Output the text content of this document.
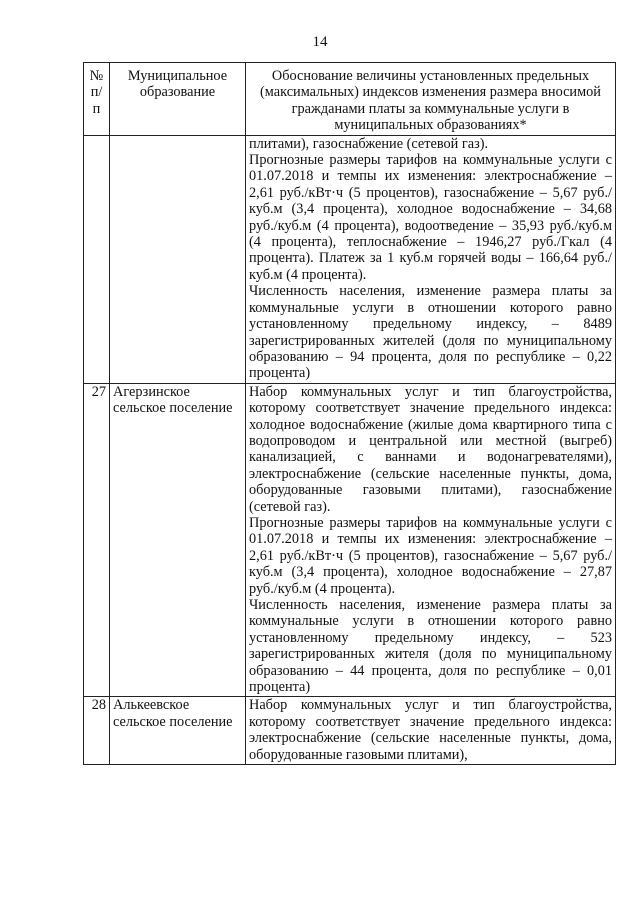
14
№ п/п	Муниципальное образование	Обоснование величины установленных предельных (максимальных) индексов изменения размера вносимой гражданами платы за коммунальные услуги в муниципальных образованиях*

		плитами), газоснабжение (сетевой газ).

Прогнозные размеры тарифов на коммунальные услуги с 01.07.2018 и темпы их изменения: электроснабжение – 2,61 руб./кВт·ч (5 процентов), газоснабжение – 5,67 руб./куб.м (3,4 процента), холодное водоснабжение – 34,68 руб./куб.м (4 процента), водоотведение – 35,93 руб./куб.м (4 процента), теплоснабжение – 1946,27 руб./Гкал (4 процента). Платеж за 1 куб.м горячей воды – 166,64 руб./куб.м (4 процента).

Численность населения, изменение размера платы за коммунальные услуги в отношении которого равно установленному предельному индексу, – 8489 зарегистрированных жителей (доля по муниципальному образованию – 94 процента, доля по республике – 0,22 процента)

27	Агерзинское сельское поселение	Набор коммунальных услуг и тип благоустройства, которому соответствует значение предельного индекса: холодное водоснабжение (жилые дома квартирного типа с водопроводом и центральной или местной (выгреб) канализацией, с ваннами и водонагревателями), электроснабжение (сельские населенные пункты, дома, оборудованные газовыми плитами), газоснабжение (сетевой газ).

Прогнозные размеры тарифов на коммунальные услуги с 01.07.2018 и темпы их изменения: электроснабжение – 2,61 руб./кВт·ч (5 процентов), газоснабжение – 5,67 руб./куб.м (3,4 процента), холодное водоснабжение – 27,87 руб./куб.м (4 процента).

Численность населения, изменение размера платы за коммунальные услуги в отношении которого равно установленному предельному индексу, – 523 зарегистрированных жителя (доля по муниципальному образованию – 44 процента, доля по республике – 0,01 процента)

28	Алькеевское сельское поселение	Набор коммунальных услуг и тип благоустройства, которому соответствует значение предельного индекса: электроснабжение (сельские населенные пункты, дома, оборудованные газовыми плитами),
